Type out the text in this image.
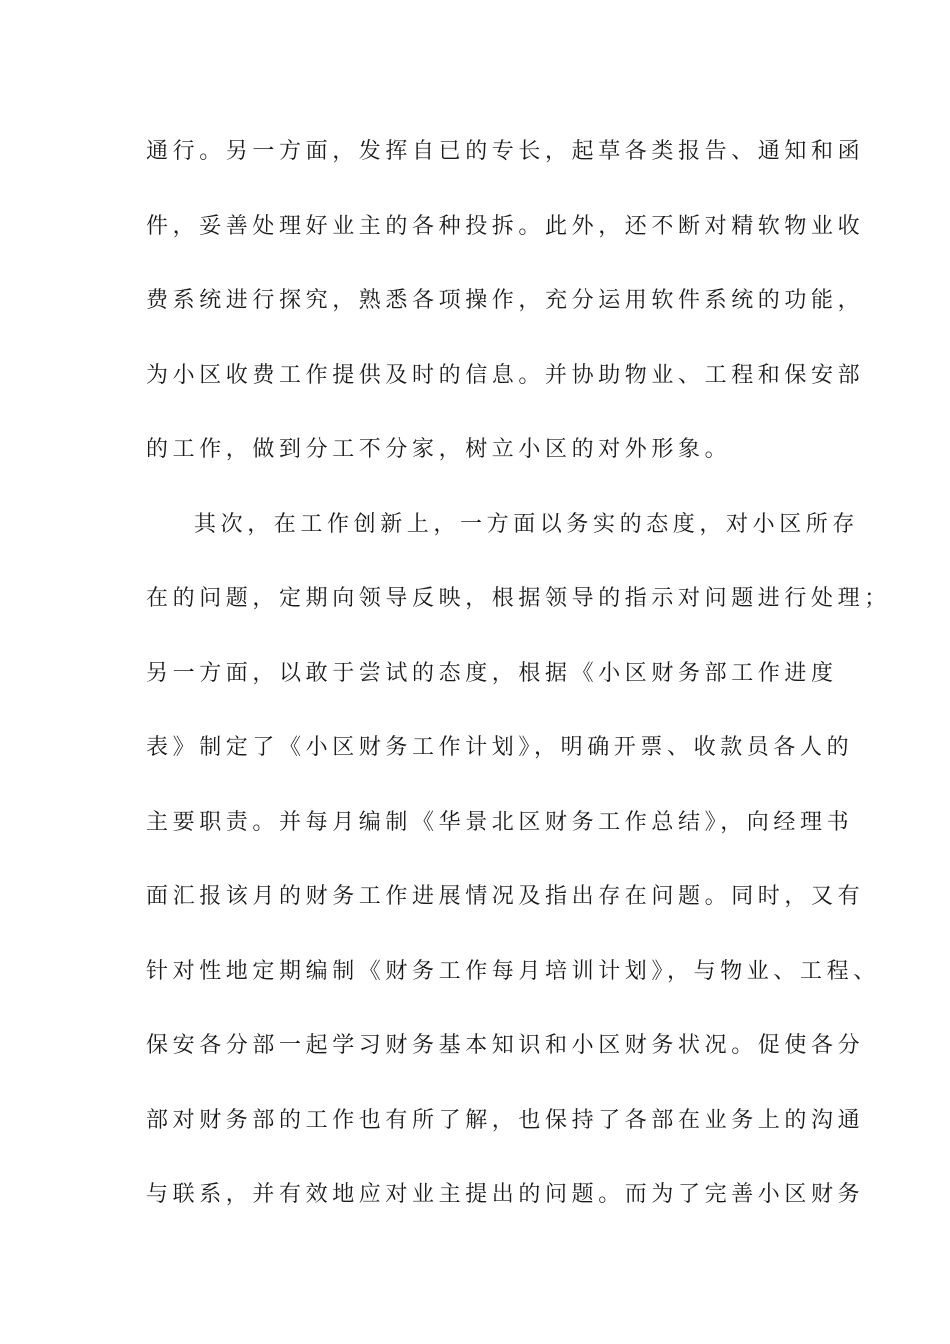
通行。另一方面，发挥自已的专长，起草各类报告、通知和函
件，妥善处理好业主的各种投拆。此外，还不断对精软物业收
费系统进行探究，熟悉各项操作，充分运用软件系统的功能，
为小区收费工作提供及时的信息。并协助物业、工程和保安部
的工作，做到分工不分家，树立小区的对外形象。
其次，在工作创新上，一方面以务实的态度，对小区所存
在的问题，定期向领导反映，根据领导的指示对问题进行处理；
另一方面，以敢于尝试的态度，根据《小区财务部工作进度
表》制定了《小区财务工作计划》，明确开票、收款员各人的
主要职责。并每月编制《华景北区财务工作总结》，向经理书
面汇报该月的财务工作进展情况及指出存在问题。同时，又有
针对性地定期编制《财务工作每月培训计划》，与物业、工程、
保安各分部一起学习财务基本知识和小区财务状况。促使各分
部对财务部的工作也有所了解，也保持了各部在业务上的沟通
与联系，并有效地应对业主提出的问题。而为了完善小区财务
